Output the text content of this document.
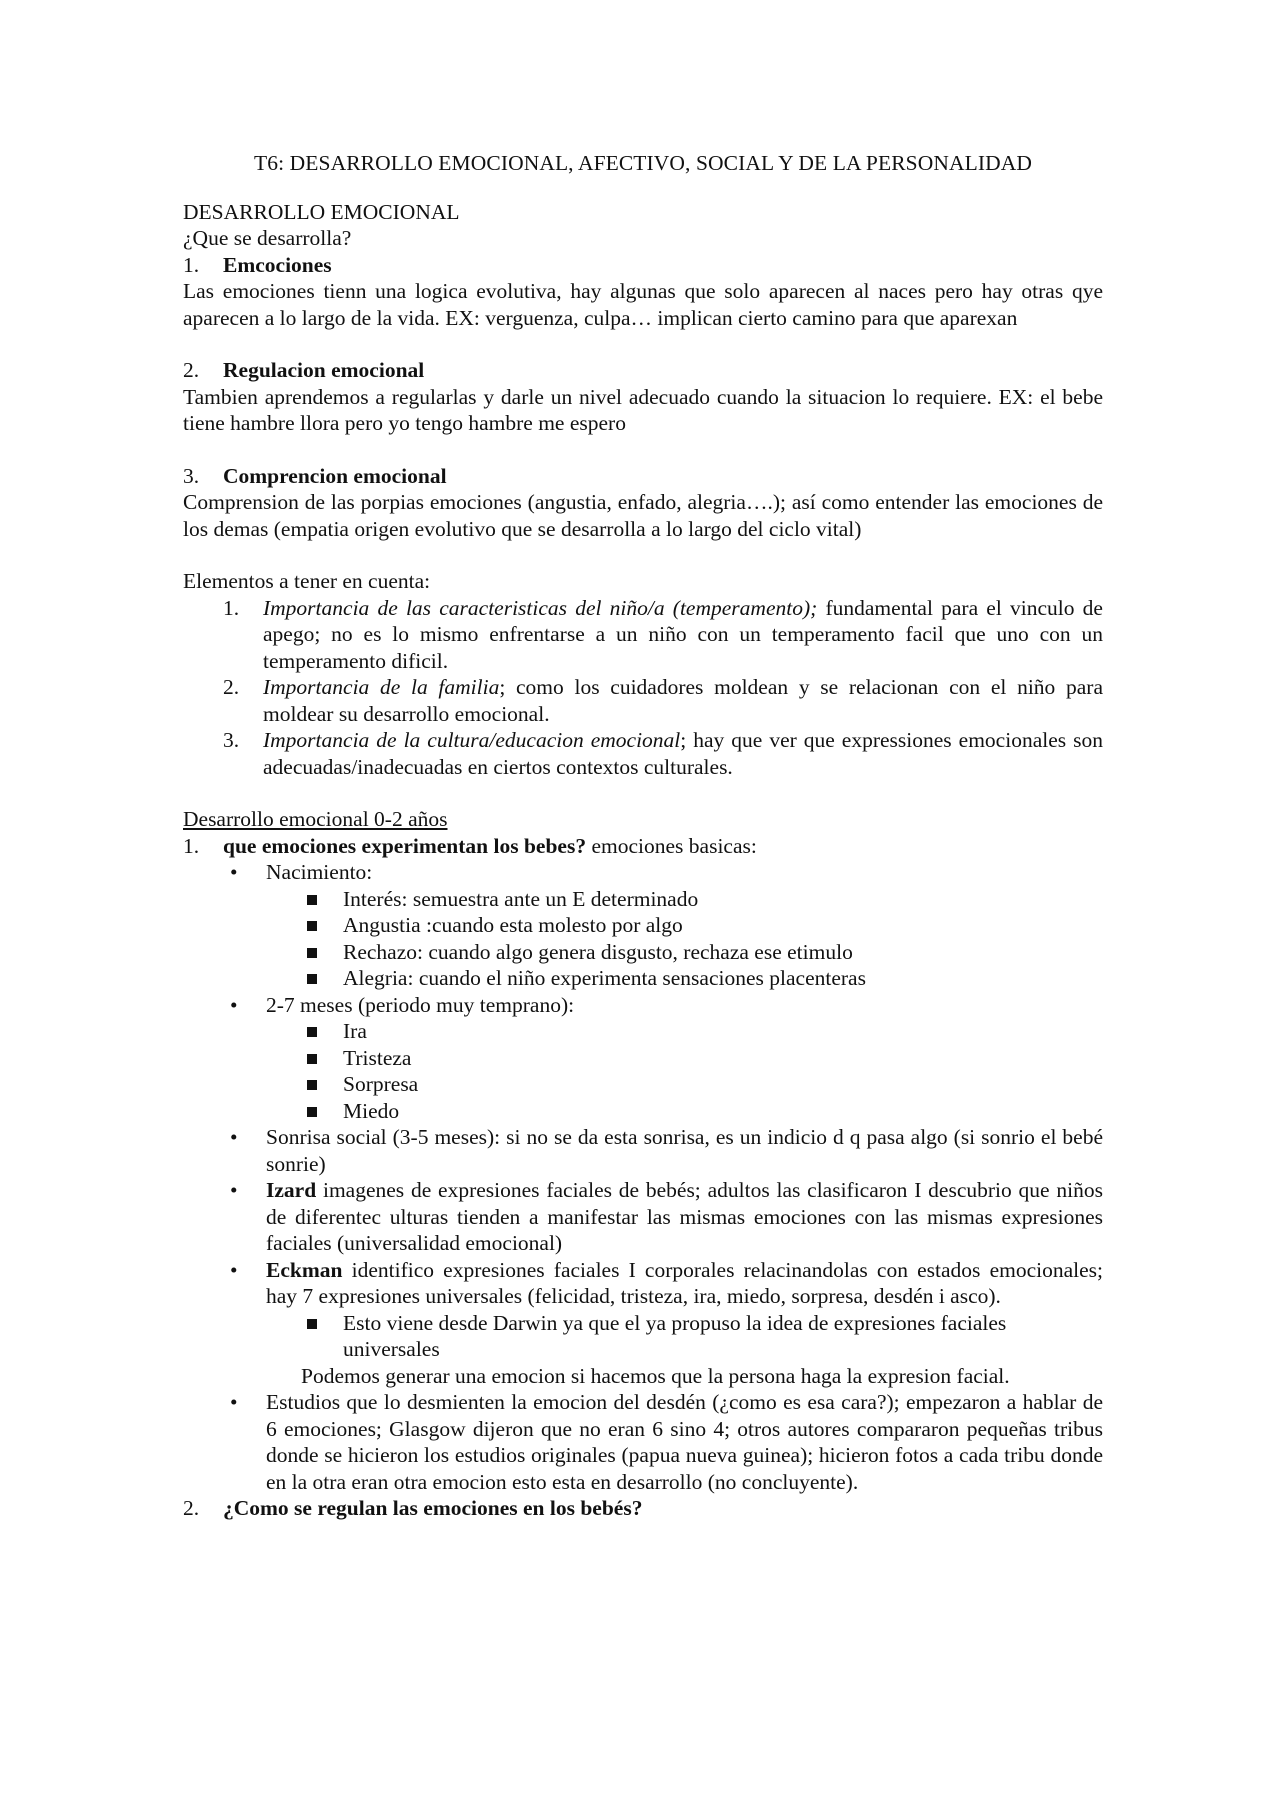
T6: DESARROLLO EMOCIONAL, AFECTIVO, SOCIAL Y DE LA PERSONALIDAD

DESARROLLO EMOCIONAL

¿Que se desarrolla?

1. Emcociones

Las emociones tienn una logica evolutiva, hay algunas que solo aparecen al naces pero hay otras qye aparecen a lo largo de la vida. EX: verguenza, culpa… implican cierto camino para que aparexan

2. Regulacion emocional

Tambien aprendemos a regularlas y darle un nivel adecuado cuando la situacion lo requiere. EX: el bebe tiene hambre llora pero yo tengo hambre me espero

3. Comprencion emocional

Comprension de las porpias emociones (angustia, enfado, alegria….); así como entender las emociones de los demas (empatia origen evolutivo que se desarrolla a lo largo del ciclo vital)

Elementos a tener en cuenta:

1. Importancia de las caracteristicas del niño/a (temperamento); fundamental para el vinculo de apego; no es lo mismo enfrentarse a un niño con un temperamento facil que uno con un temperamento dificil.
2. Importancia de la familia; como los cuidadores moldean y se relacionan con el niño para moldear su desarrollo emocional.
3. Importancia de la cultura/educacion emocional; hay que ver que expressiones emocionales son adecuadas/inadecuadas en ciertos contextos culturales.

Desarrollo emocional 0-2 años

1. que emociones experimentan los bebes? emociones basicas:

• Nacimiento:
Interés: semuestra ante un E determinado
Angustia :cuando esta molesto por algo
Rechazo: cuando algo genera disgusto, rechaza ese etimulo
Alegria: cuando el niño experimenta sensaciones placenteras
• 2-7 meses (periodo muy temprano):
Ira
Tristeza
Sorpresa
Miedo
• Sonrisa social (3-5 meses): si no se da esta sonrisa, es un indicio d q pasa algo (si sonrio el bebé sonrie)
• Izard imagenes de expresiones faciales de bebés; adultos las clasificaron I descubrio que niños de diferentec ulturas tienden a manifestar las mismas emociones con las mismas expresiones faciales (universalidad emocional)
• Eckman identifico expresiones faciales I corporales relacinandolas con estados emocionales; hay 7 expresiones universales (felicidad, tristeza, ira, miedo, sorpresa, desdén i asco).
Esto viene desde Darwin ya que el ya propuso la idea de expresiones faciales universales

Podemos generar una emocion si hacemos que la persona haga la expresion facial.

• Estudios que lo desmienten la emocion del desdén (¿como es esa cara?); empezaron a hablar de 6 emociones; Glasgow dijeron que no eran 6 sino 4; otros autores compararon pequeñas tribus donde se hicieron los estudios originales (papua nueva guinea); hicieron fotos a cada tribu donde en la otra eran otra emocion esto esta en desarrollo (no concluyente).

2. ¿Como se regulan las emociones en los bebés?
